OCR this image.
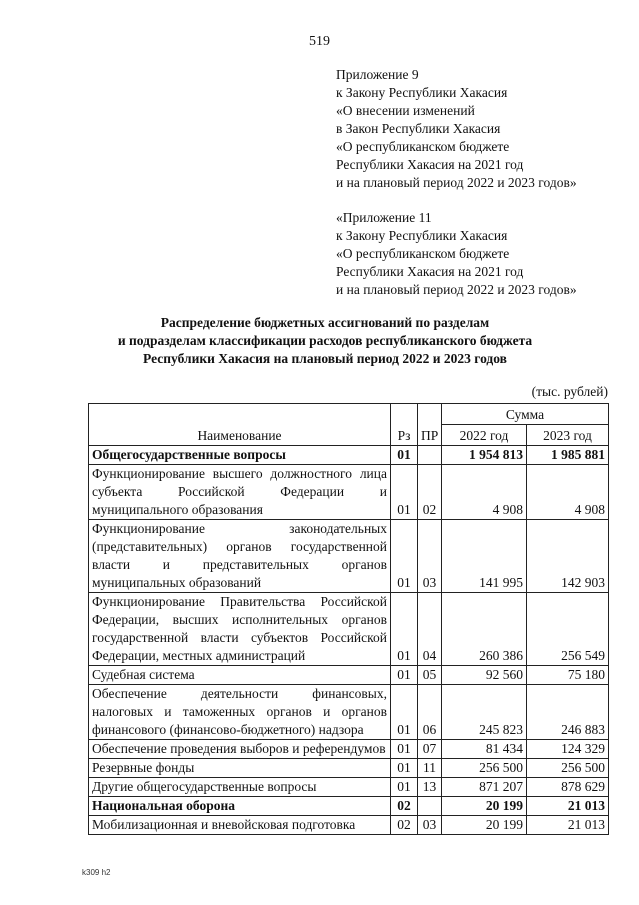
519
Приложение 9
к Закону Республики Хакасия
«О внесении изменений
в Закон Республики Хакасия
«О республиканском бюджете
Республики Хакасия на 2021 год
и на плановый период 2022 и 2023 годов»
«Приложение 11
к Закону Республики Хакасия
«О республиканском бюджете
Республики Хакасия на 2021 год
и на плановый период 2022 и 2023 годов»
Распределение бюджетных ассигнований по разделам
и подразделам классификации расходов республиканского бюджета
Республики Хакасия на плановый период 2022 и 2023 годов
(тыс. рублей)
Наименование	Рз	ПР	Сумма	
			2022 год	2023 год
Общегосударственные вопросы	01		1 954 813	1 985 881
Функционирование высшего должностного лица субъекта Российской Федерации и муниципального образования	01	02	4 908	4 908
Функционирование законодательных (представительных) органов государственной власти и представительных органов муниципальных образований	01	03	141 995	142 903
Функционирование Правительства Российской Федерации, высших исполнительных органов государственной власти субъектов Российской Федерации, местных администраций	01	04	260 386	256 549
Судебная система	01	05	92 560	75 180
Обеспечение деятельности финансовых, налоговых и таможенных органов и органов финансового (финансово-бюджетного) надзора	01	06	245 823	246 883
Обеспечение проведения выборов и референдумов	01	07	81 434	124 329
Резервные фонды	01	11	256 500	256 500
Другие общегосударственные вопросы	01	13	871 207	878 629
Национальная оборона	02		20 199	21 013
Мобилизационная и вневойсковая подготовка	02	03	20 199	21 013
k309 h2
